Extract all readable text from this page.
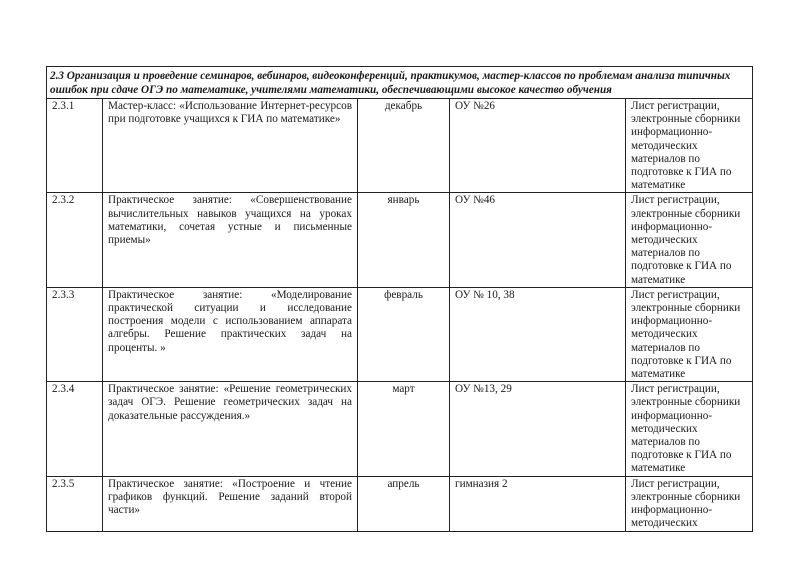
2.3 Организация и проведение семинаров, вебинаров, видеоконференций, практикумов, мастер-классов по проблемам анализа типичных ошибок при сдаче ОГЭ по математике, учителями математики, обеспечивающими высокое качество обучения				
2.3.1	Мастер-класс: «Использование Интернет-ресурсов при подготовке учащихся к ГИА по математике»	декабрь	ОУ №26	Лист регистрации, электронные сборники информационно-методических материалов по подготовке к ГИА по математике
2.3.2	Практическое занятие: «Совершенствование вычислительных навыков учащихся на уроках математики, сочетая устные и письменные приемы»	январь	ОУ №46	Лист регистрации, электронные сборники информационно-методических материалов по подготовке к ГИА по математике
2.3.3	Практическое занятие: «Моделирование практической ситуации и исследование построения модели с использованием аппарата алгебры. Решение практических задач на проценты. »	февраль	ОУ № 10, 38	Лист регистрации, электронные сборники информационно-методических материалов по подготовке к ГИА по математике
2.3.4	Практическое занятие: «Решение геометрических задач ОГЭ. Решение геометрических задач на доказательные рассуждения.»	март	ОУ №13, 29	Лист регистрации, электронные сборники информационно-методических материалов по подготовке к ГИА по математике
2.3.5	Практическое занятие: «Построение и чтение графиков функций. Решение заданий второй части»	апрель	гимназия 2	Лист регистрации, электронные сборники информационно-методических
